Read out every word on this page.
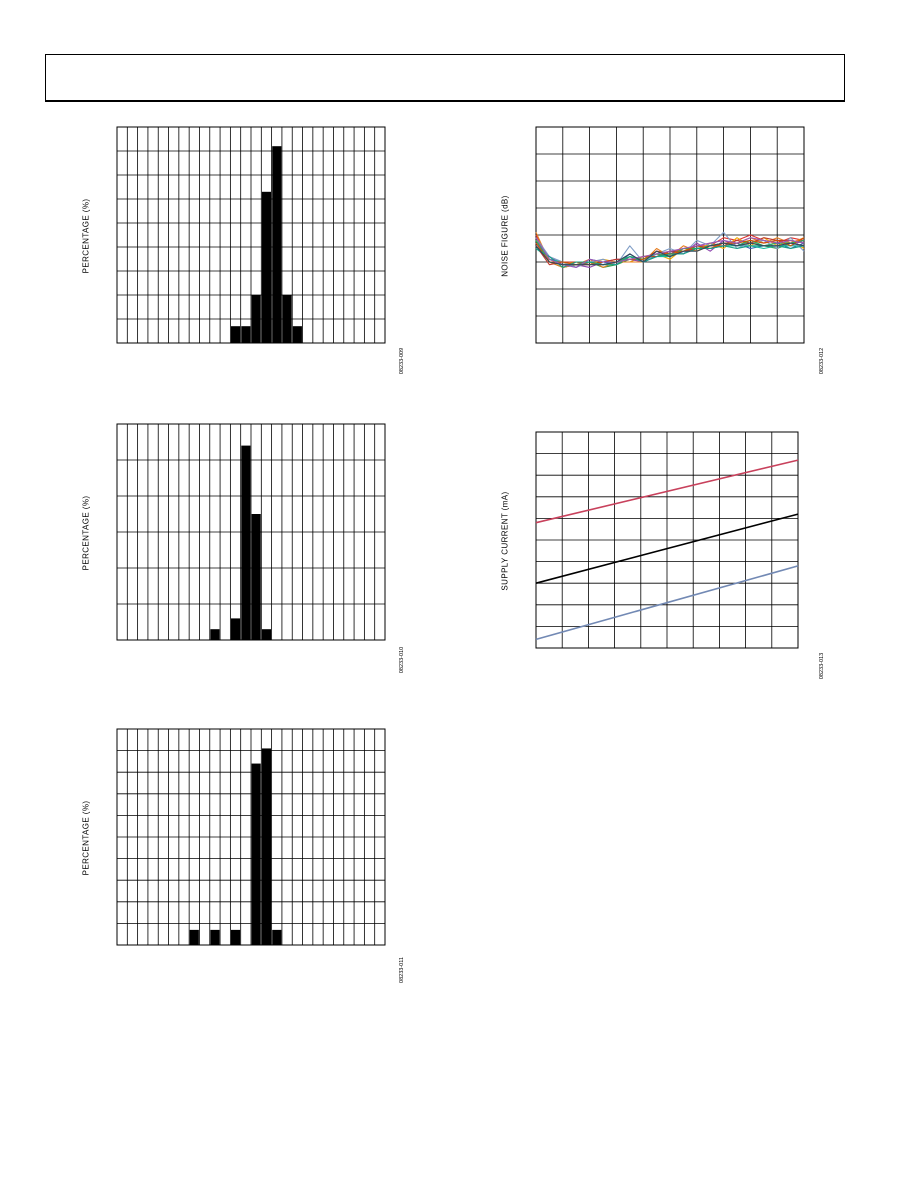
PERCENTAGE (%)
08233-009
PERCENTAGE (%)
08233-010
PERCENTAGE (%)
08233-011
NOISE FIGURE (dB)
08233-012
SUPPLY CURRENT (mA)
08233-013
